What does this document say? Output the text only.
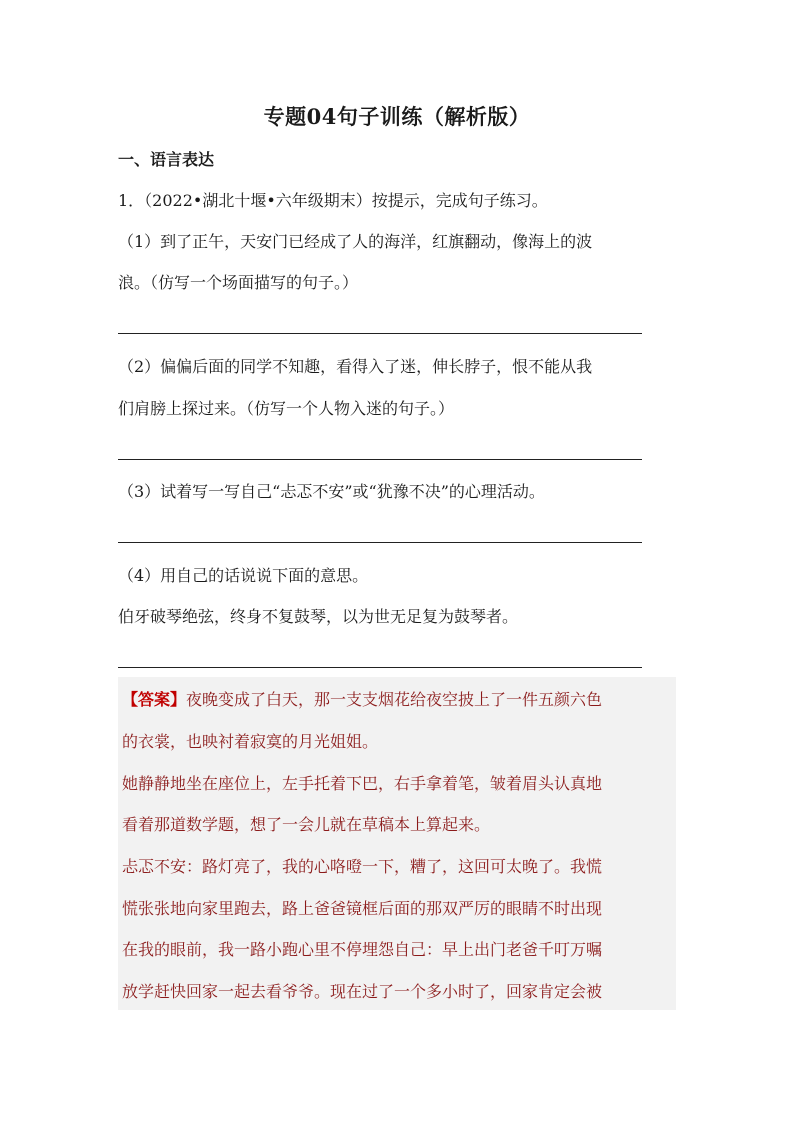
专题04句子训练（解析版）
一、语言表达
1．（2022•湖北十堰•六年级期末）按提示，完成句子练习。
（1）到了正午，天安门已经成了人的海洋，红旗翻动，像海上的波
浪。（仿写一个场面描写的句子。）
（2）偏偏后面的同学不知趣，看得入了迷，伸长脖子，恨不能从我
们肩膀上探过来。（仿写一个人物入迷的句子。）
（3）试着写一写自己“忐忑不安”或“犹豫不决”的心理活动。
（4）用自己的话说说下面的意思。
伯牙破琴绝弦，终身不复鼓琴，以为世无足复为鼓琴者。
【答案】夜晚变成了白天，那一支支烟花给夜空披上了一件五颜六色
的衣裳，也映衬着寂寞的月光姐姐。
她静静地坐在座位上，左手托着下巴，右手拿着笔，皱着眉头认真地
看着那道数学题，想了一会儿就在草稿本上算起来。
忐忑不安：路灯亮了，我的心咯噔一下，糟了，这回可太晚了。我慌
慌张张地向家里跑去，路上爸爸镜框后面的那双严厉的眼睛不时出现
在我的眼前，我一路小跑心里不停埋怨自己：早上出门老爸千叮万嘱
放学赶快回家一起去看爷爷。现在过了一个多小时了，回家肯定会被
